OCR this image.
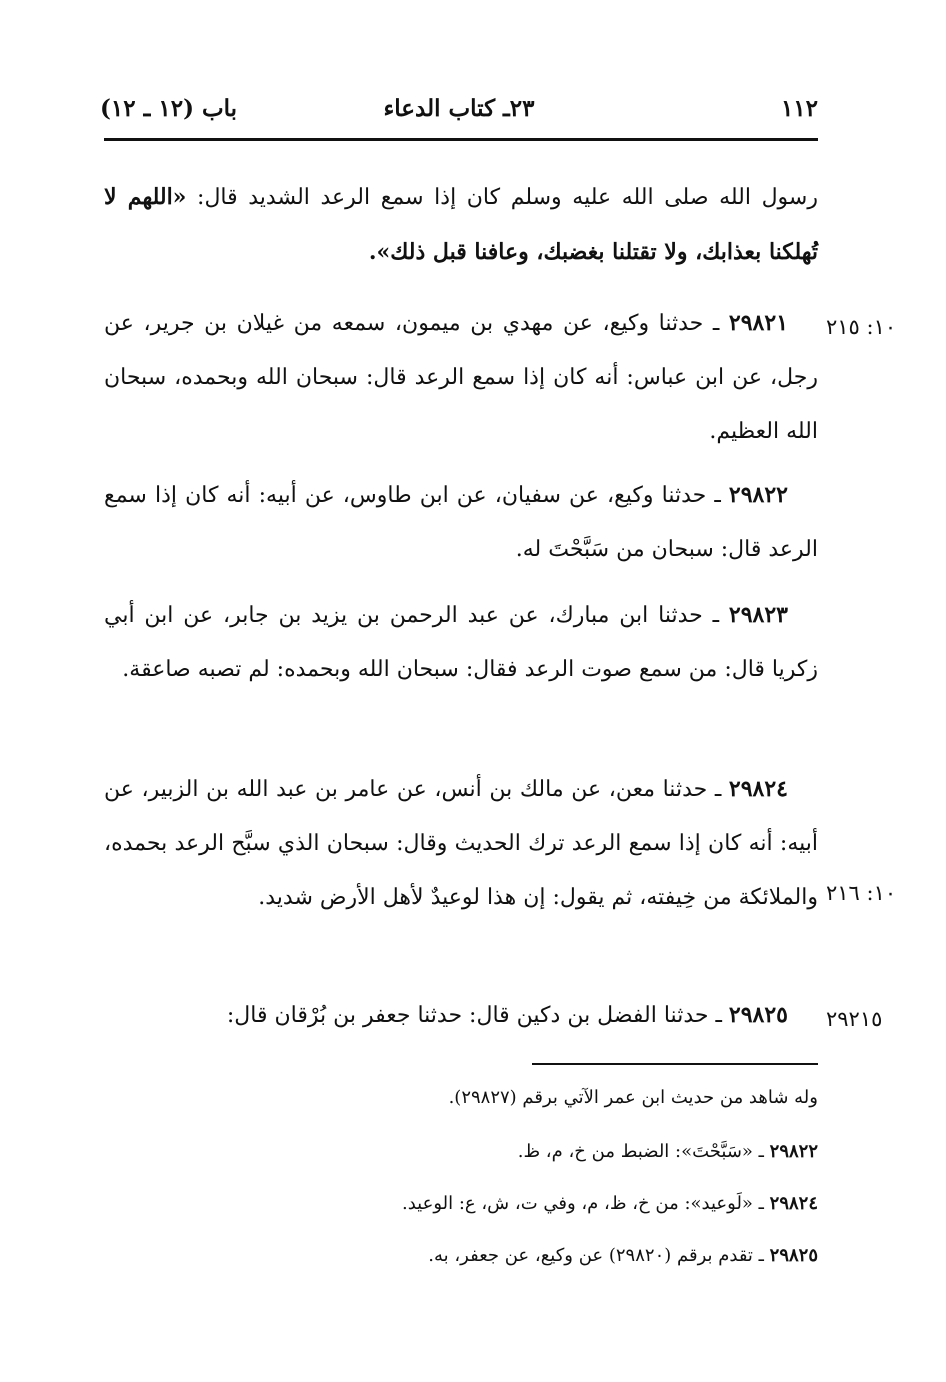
١١٢
٢٣ـ كتاب الدعاء
باب (١٢ ـ ١٢)
رسول الله صلى الله عليه وسلم كان إذا سمع الرعد الشديد قال: «اللهم لا تُهلكنا بعذابك، ولا تقتلنا بغضبك، وعافنا قبل ذلك».
٢٩٨٢١ ـ حدثنا وكيع، عن مهدي بن ميمون، سمعه من غيلان بن جرير، عن رجل، عن ابن عباس: أنه كان إذا سمع الرعد قال: سبحان الله وبحمده، سبحان الله العظيم.
٢٩٨٢٢ ـ حدثنا وكيع، عن سفيان، عن ابن طاوس، عن أبيه: أنه كان إذا سمع الرعد قال: سبحان من سَبَّحْتَ له.
٢٩٨٢٣ ـ حدثنا ابن مبارك، عن عبد الرحمن بن يزيد بن جابر، عن ابن أبي زكريا قال: من سمع صوت الرعد فقال: سبحان الله وبحمده: لم تصبه صاعقة.
٢٩٨٢٤ ـ حدثنا معن، عن مالك بن أنس، عن عامر بن عبد الله بن الزبير، عن أبيه: أنه كان إذا سمع الرعد ترك الحديث وقال: سبحان الذي سبَّح الرعد بحمده، والملائكة من خِيفته، ثم يقول: إن هذا لوعيدٌ لأهل الأرض شديد.
٢٩٨٢٥ ـ حدثنا الفضل بن دكين قال: حدثنا جعفر بن بُرْقان قال:
١٠: ٢١٥
١٠: ٢١٦
٢٩٢١٥
وله شاهد من حديث ابن عمر الآتي برقم (٢٩٨٢٧).
٢٩٨٢٢ ـ «سَبَّحْتَ»: الضبط من خ، م، ظ.
٢٩٨٢٤ ـ «لَوعيد»: من خ، ظ، م، وفي ت، ش، ع: الوعيد.
٢٩٨٢٥ ـ تقدم برقم (٢٩٨٢٠) عن وكيع، عن جعفر، به.
